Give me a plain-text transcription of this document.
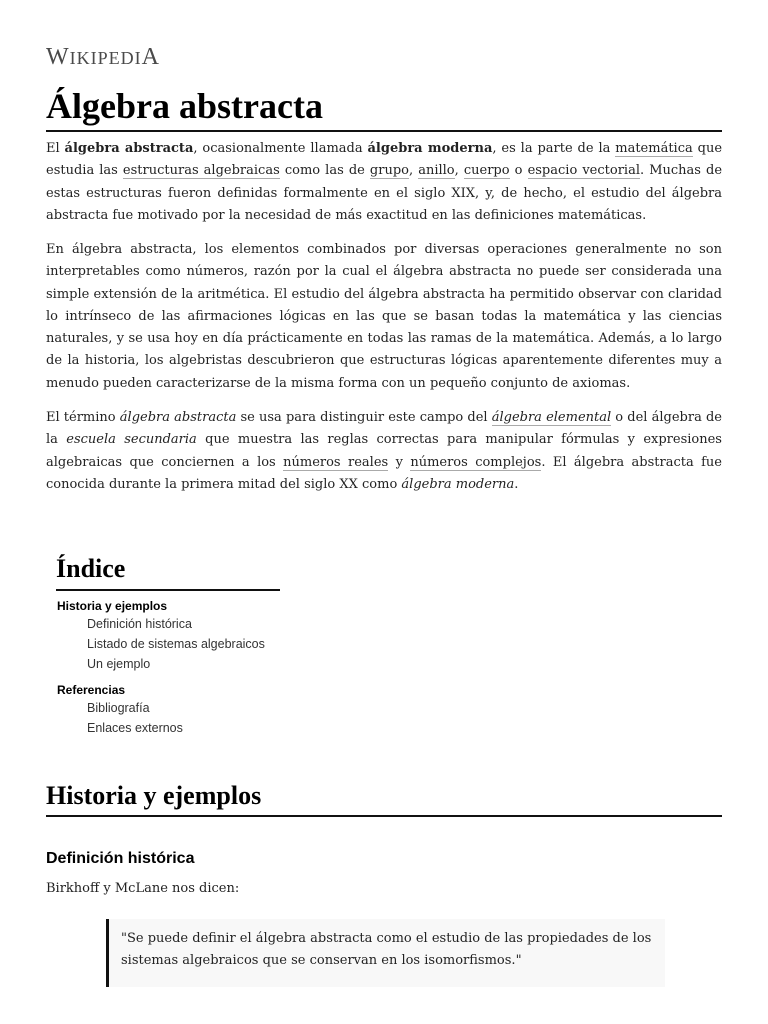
WIKIPEDIA
Álgebra abstracta

El álgebra abstracta, ocasionalmente llamada álgebra moderna, es la parte de la matemática que estudia las estructuras algebraicas como las de grupo, anillo, cuerpo o espacio vectorial. Muchas de estas estructuras fueron definidas formalmente en el siglo XIX, y, de hecho, el estudio del álgebra abstracta fue motivado por la necesidad de más exactitud en las definiciones matemáticas.

En álgebra abstracta, los elementos combinados por diversas operaciones generalmente no son interpretables como números, razón por la cual el álgebra abstracta no puede ser considerada una simple extensión de la aritmética. El estudio del álgebra abstracta ha permitido observar con claridad lo intrínseco de las afirmaciones lógicas en las que se basan todas la matemática y las ciencias naturales, y se usa hoy en día prácticamente en todas las ramas de la matemática. Además, a lo largo de la historia, los algebristas descubrieron que estructuras lógicas aparentemente diferentes muy a menudo pueden caracterizarse de la misma forma con un pequeño conjunto de axiomas.

El término álgebra abstracta se usa para distinguir este campo del álgebra elemental o del álgebra de la escuela secundaria que muestra las reglas correctas para manipular fórmulas y expresiones algebraicas que conciernen a los números reales y números complejos. El álgebra abstracta fue conocida durante la primera mitad del siglo XX como álgebra moderna.

Índice
Historia y ejemplos
Definición histórica
Listado de sistemas algebraicos
Un ejemplo
Referencias
Bibliografía
Enlaces externos
Historia y ejemplos
Definición histórica
Birkhoff y McLane nos dicen:

"Se puede definir el álgebra abstracta como el estudio de las propiedades de los sistemas algebraicos que se conservan en los isomorfismos."
